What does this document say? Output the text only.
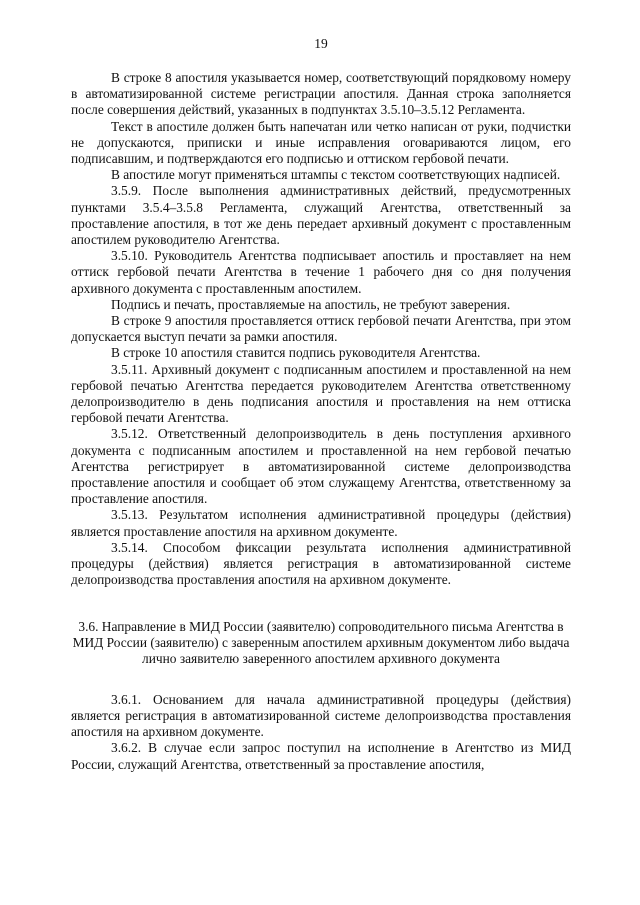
19

В строке 8 апостиля указывается номер, соответствующий порядковому номеру в автоматизированной системе регистрации апостиля. Данная строка заполняется после совершения действий, указанных в подпунктах 3.5.10–3.5.12 Регламента.

Текст в апостиле должен быть напечатан или четко написан от руки, подчистки не допускаются, приписки и иные исправления оговариваются лицом, его подписавшим, и подтверждаются его подписью и оттиском гербовой печати.

В апостиле могут применяться штампы с текстом соответствующих надписей.

3.5.9. После выполнения административных действий, предусмотренных пунктами 3.5.4–3.5.8 Регламента, служащий Агентства, ответственный за проставление апостиля, в тот же день передает архивный документ с проставленным апостилем руководителю Агентства.

3.5.10. Руководитель Агентства подписывает апостиль и проставляет на нем оттиск гербовой печати Агентства в течение 1 рабочего дня со дня получения архивного документа с проставленным апостилем.

Подпись и печать, проставляемые на апостиль, не требуют заверения.

В строке 9 апостиля проставляется оттиск гербовой печати Агентства, при этом допускается выступ печати за рамки апостиля.

В строке 10 апостиля ставится подпись руководителя Агентства.

3.5.11. Архивный документ с подписанным апостилем и проставленной на нем гербовой печатью Агентства передается руководителем Агентства ответственному делопроизводителю в день подписания апостиля и проставления на нем оттиска гербовой печати Агентства.

3.5.12. Ответственный делопроизводитель в день поступления архивного документа с подписанным апостилем и проставленной на нем гербовой печатью Агентства регистрирует в автоматизированной системе делопроизводства проставление апостиля и сообщает об этом служащему Агентства, ответственному за проставление апостиля.

3.5.13. Результатом исполнения административной процедуры (действия) является проставление апостиля на архивном документе.

3.5.14. Способом фиксации результата исполнения административной процедуры (действия) является регистрация в автоматизированной системе делопроизводства проставления апостиля на архивном документе.

3.6. Направление в МИД России (заявителю) сопроводительного письма Агентства в МИД России (заявителю) с заверенным апостилем архивным документом либо выдача лично заявителю заверенного апостилем архивного документа

3.6.1. Основанием для начала административной процедуры (действия) является регистрация в автоматизированной системе делопроизводства проставления апостиля на архивном документе.

3.6.2. В случае если запрос поступил на исполнение в Агентство из МИД России, служащий Агентства, ответственный за проставление апостиля,
